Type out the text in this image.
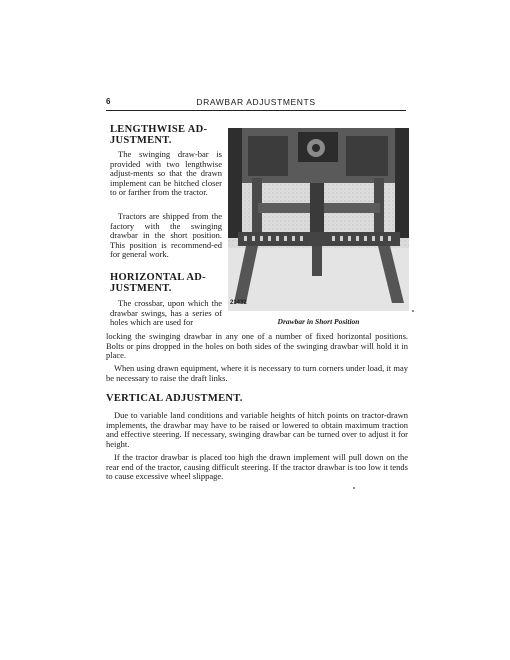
6	DRAWBAR ADJUSTMENTS
LENGTHWISE AD-
JUSTMENT.

The swinging draw-bar is provided with two lengthwise adjust-ments so that the drawn implement can be hitched closer to or farther from the tractor.

Tractors are shipped from the factory with the swinging drawbar in the short position. This position is recommend-ed for general work.

HORIZONTAL AD-
JUSTMENT.

The crossbar, upon which the drawbar swings, has a series of holes which are used for

locking the swinging drawbar in any one of a number of fixed horizontal positions. Bolts or pins dropped in the holes on both sides of the swinging drawbar will hold it in place.

When using drawn equipment, where it is necessary to turn corners under load, it may be necessary to raise the draft links.

VERTICAL ADJUSTMENT.

Due to variable land conditions and variable heights of hitch points on tractor-drawn implements, the drawbar may have to be raised or lowered to obtain maximum traction and effective steering. If necessary, swinging drawbar can be turned over to adjust it for height.

If the tractor drawbar is placed too high the drawn implement will pull down on the rear end of the tractor, causing difficult steering. If the tractor drawbar is too low it tends to cause excessive wheel slippage.

21432
Drawbar in Short Position
